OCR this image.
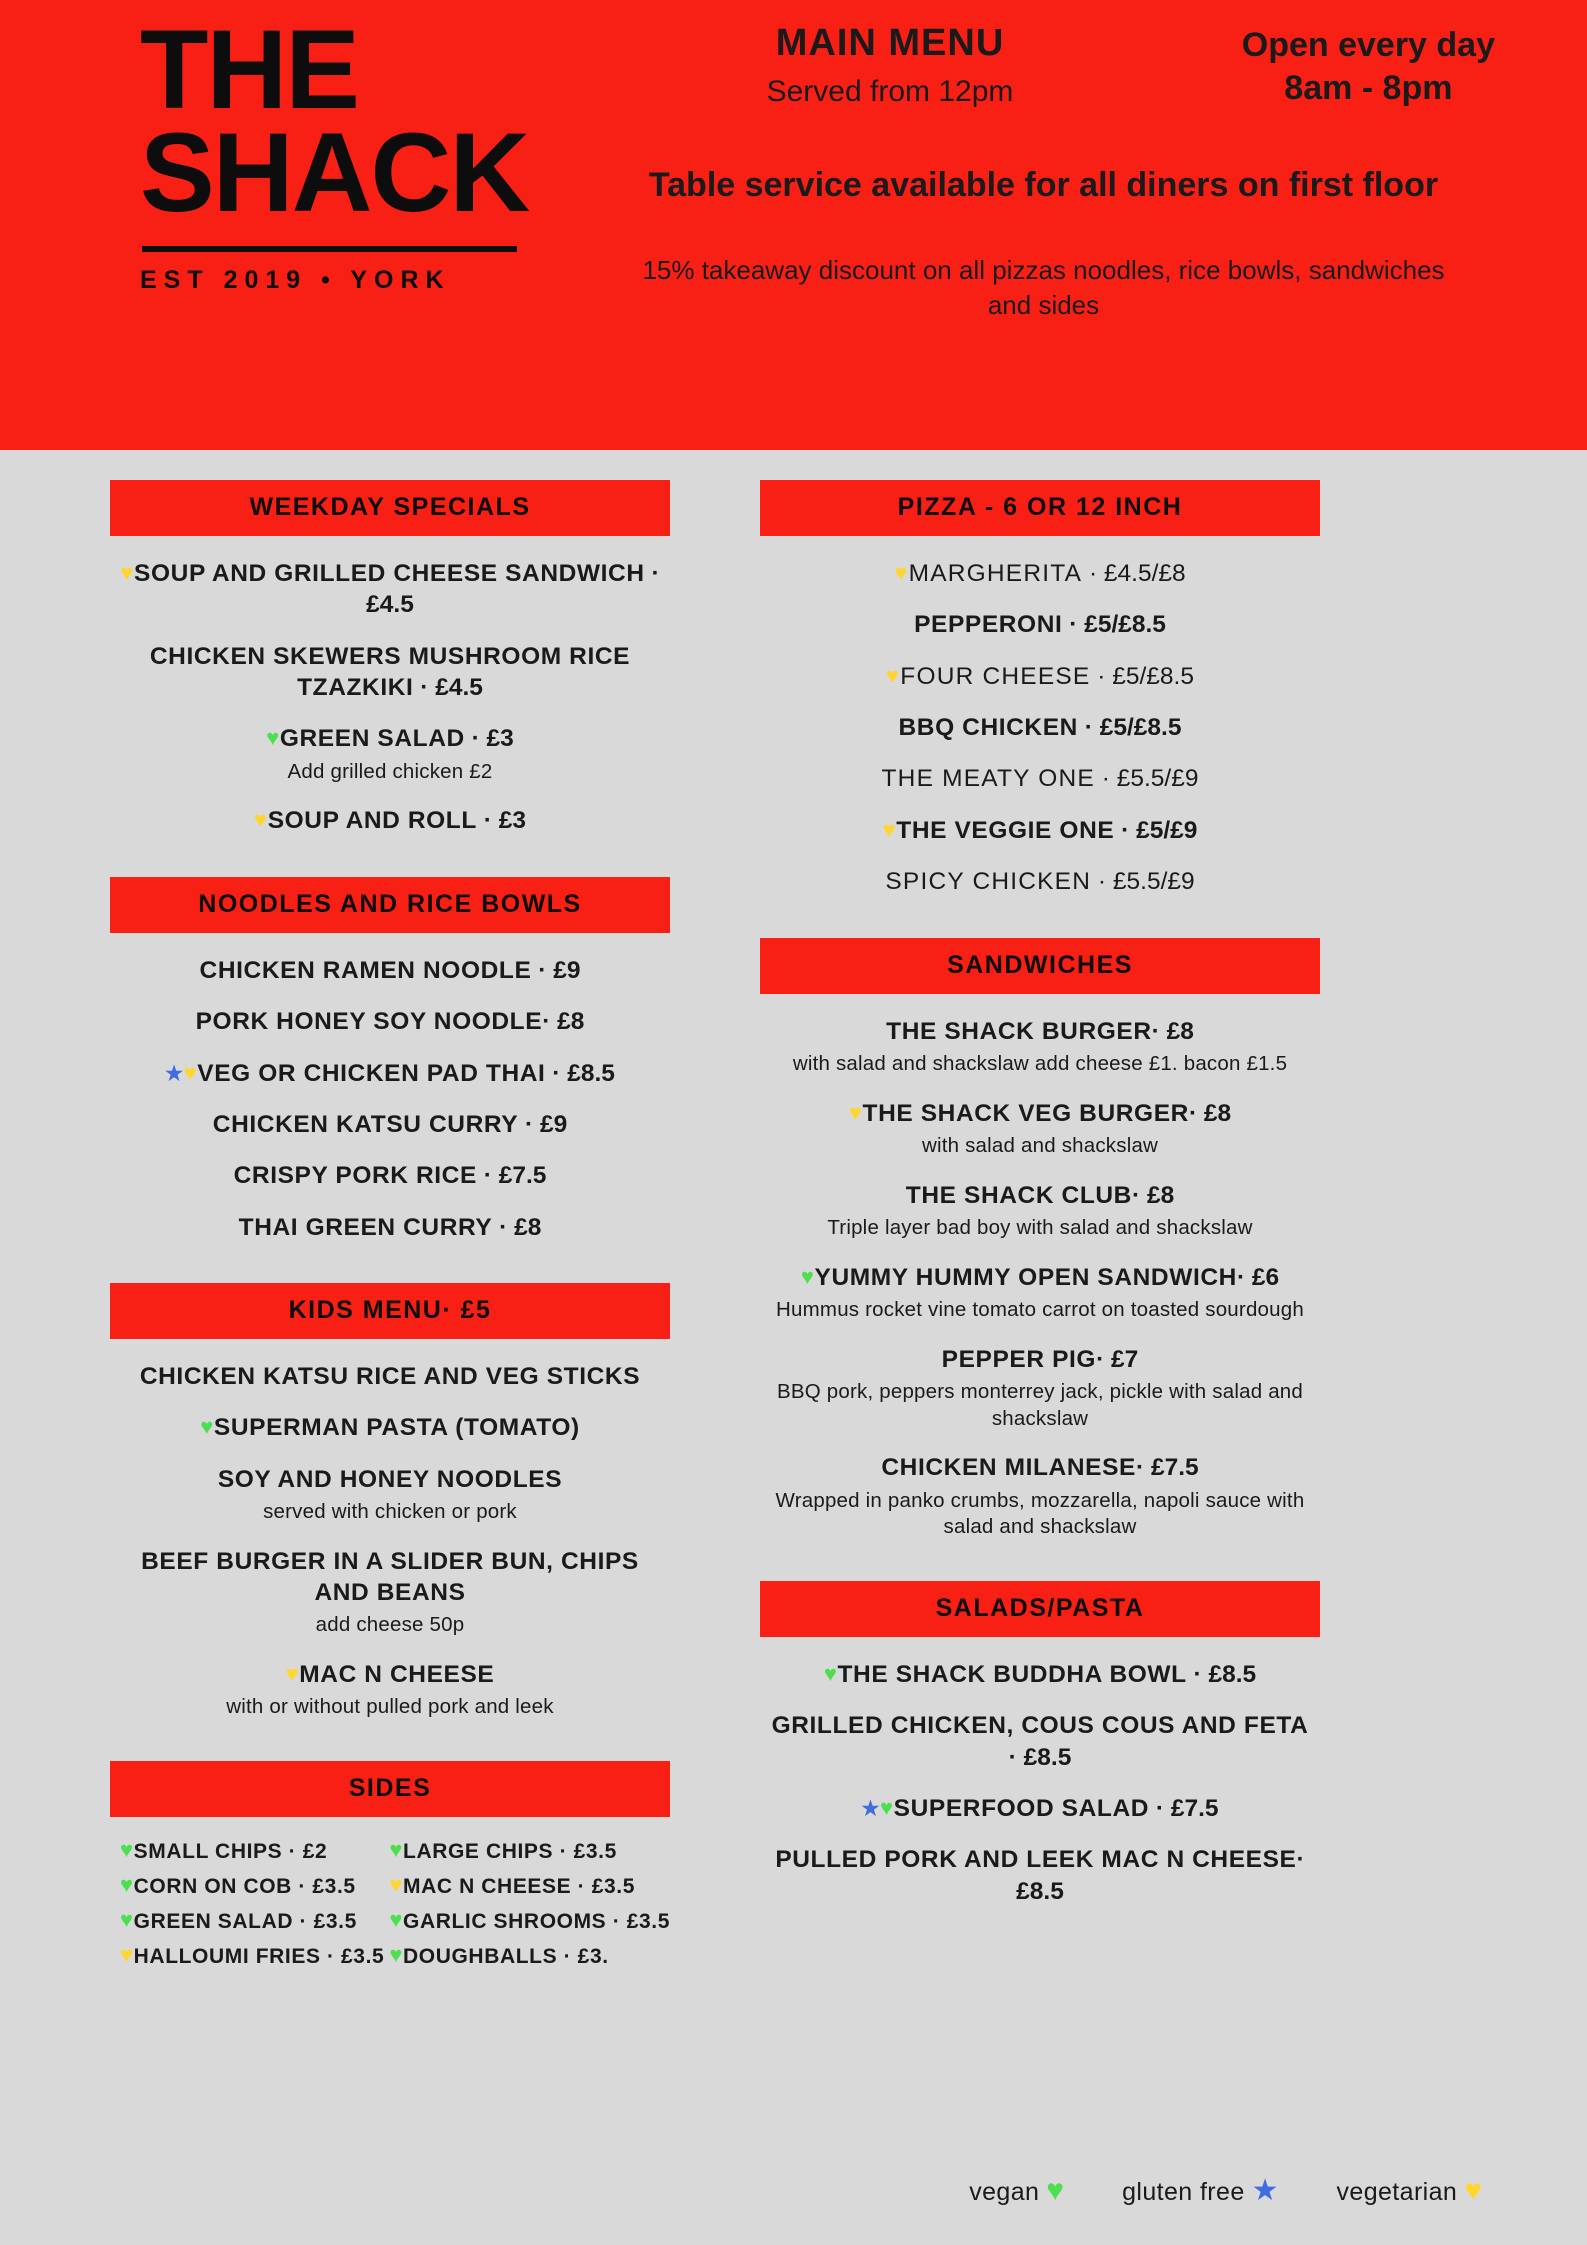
THE
SHACK
EST 2019 • YORK
MAIN MENU
Served from 12pm
Open every day
8am - 8pm
Table service available for all diners on first floor
15% takeaway discount on all pizzas noodles, rice bowls, sandwiches and sides
WEEKDAY SPECIALS
♥SOUP AND GRILLED CHEESE SANDWICH · £4.5
CHICKEN SKEWERS MUSHROOM RICE TZAZKIKI · £4.5
♥GREEN SALAD · £3
Add grilled chicken £2
♥SOUP AND ROLL · £3
NOODLES AND RICE BOWLS
CHICKEN RAMEN NOODLE · £9
PORK HONEY SOY NOODLE· £8
★♥VEG OR CHICKEN PAD THAI · £8.5
CHICKEN KATSU CURRY · £9
CRISPY PORK RICE · £7.5
THAI GREEN CURRY · £8
KIDS MENU· £5
CHICKEN KATSU RICE AND VEG STICKS
♥SUPERMAN PASTA (TOMATO)
SOY AND HONEY NOODLES
served with chicken or pork
BEEF BURGER IN A SLIDER BUN, CHIPS AND BEANS
add cheese 50p
♥MAC N CHEESE
with or without pulled pork and leek
SIDES
♥SMALL CHIPS · £2	♥LARGE CHIPS · £3.5
♥CORN ON COB · £3.5	♥MAC N CHEESE · £3.5
♥GREEN SALAD · £3.5	♥GARLIC SHROOMS · £3.5
♥HALLOUMI FRIES · £3.5 ♥DOUGHBALLS · £3.
PIZZA - 6 OR 12 INCH
♥MARGHERITA · £4.5/£8
PEPPERONI · £5/£8.5
♥FOUR CHEESE · £5/£8.5
BBQ CHICKEN · £5/£8.5
THE MEATY ONE · £5.5/£9
♥THE VEGGIE ONE · £5/£9
SPICY CHICKEN · £5.5/£9
SANDWICHES
THE SHACK BURGER· £8
with salad and shackslaw add cheese £1. bacon £1.5
♥THE SHACK VEG BURGER· £8
with salad and shackslaw
THE SHACK CLUB· £8
Triple layer bad boy with salad and shackslaw
♥YUMMY HUMMY OPEN SANDWICH· £6
Hummus rocket vine tomato carrot on toasted sourdough
PEPPER PIG· £7
BBQ pork, peppers monterrey jack, pickle with salad and shackslaw
CHICKEN MILANESE· £7.5
Wrapped in panko crumbs, mozzarella, napoli sauce with salad and shackslaw
SALADS/PASTA
♥THE SHACK BUDDHA BOWL · £8.5
GRILLED CHICKEN, COUS COUS AND FETA · £8.5
★♥SUPERFOOD SALAD · £7.5
PULLED PORK AND LEEK MAC N CHEESE· £8.5
vegan ♥ gluten free ★ vegetarian ♥
